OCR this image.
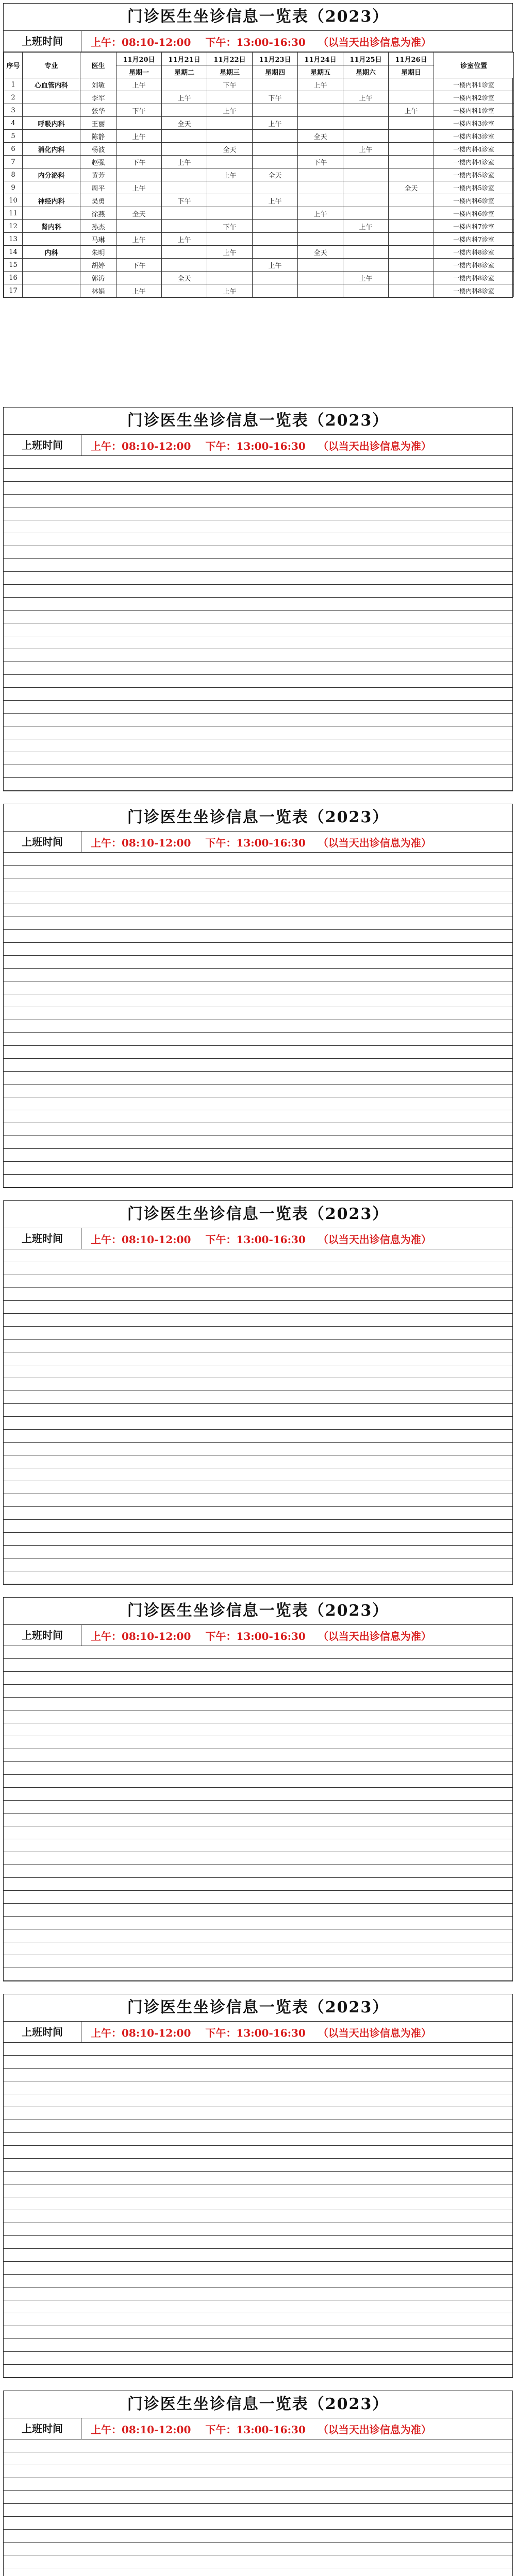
门诊医生坐诊信息一览表（2023）
上班时间	上午：08:10-12:00 下午：13:00-16:30 （以当天出诊信息为准）
序号	专业	医生	11月20日	11月21日	11月22日	11月23日	11月24日	11月25日	11月26日	诊室位置
			星期一	星期二	星期三	星期四	星期五	星期六	星期日	
1	心血管内科	刘敏	上午		下午		上午			一楼内科1诊室
2		李军		上午		下午		上午		一楼内科2诊室
3		张华	下午		上午				上午	一楼内科1诊室
4	呼吸内科	王丽		全天		上午				一楼内科3诊室
5		陈静	上午				全天			一楼内科3诊室
6	消化内科	杨波			全天			上午		一楼内科4诊室
7		赵强	下午	上午			下午			一楼内科4诊室
8	内分泌科	黄芳			上午	全天				一楼内科5诊室
9		周平	上午						全天	一楼内科5诊室
10	神经内科	吴勇		下午		上午				一楼内科6诊室
11		徐燕	全天				上午			一楼内科6诊室
12	肾内科	孙杰			下午			上午		一楼内科7诊室
13		马琳	上午	上午						一楼内科7诊室
14	内科	朱明			上午		全天			一楼内科8诊室
15		胡婷	下午			上午				一楼内科8诊室
16		郭涛		全天				上午		一楼内科8诊室
17		林娟	上午		上午					一楼内科8诊室
门诊医生坐诊信息一览表（2023）
上班时间	上午：08:10-12:00 下午：13:00-16:30 （以当天出诊信息为准）
门诊医生坐诊信息一览表（2023）
上班时间	上午：08:10-12:00 下午：13:00-16:30 （以当天出诊信息为准）
门诊医生坐诊信息一览表（2023）
上班时间	上午：08:10-12:00 下午：13:00-16:30 （以当天出诊信息为准）
门诊医生坐诊信息一览表（2023）
上班时间	上午：08:10-12:00 下午：13:00-16:30 （以当天出诊信息为准）
门诊医生坐诊信息一览表（2023）
上班时间	上午：08:10-12:00 下午：13:00-16:30 （以当天出诊信息为准）
门诊医生坐诊信息一览表（2023）
上班时间	上午：08:10-12:00 下午：13:00-16:30 （以当天出诊信息为准）
